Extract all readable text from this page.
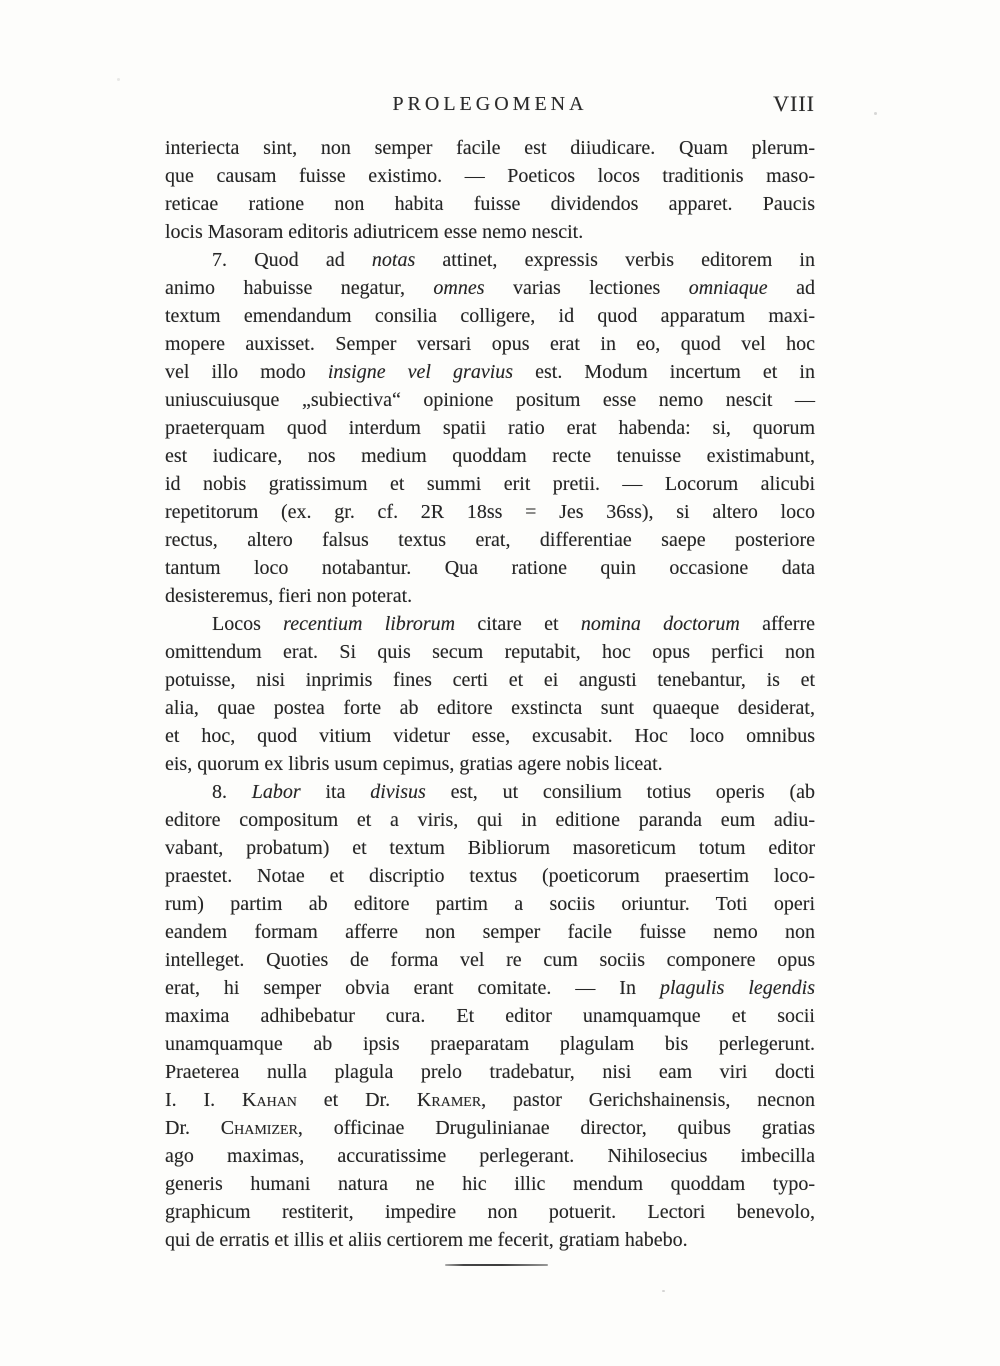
PROLEGOMENA	VIII
interiecta sint, non semper facile est diiudicare. Quam plerum-
que causam fuisse existimo. — Poeticos locos traditionis maso-
reticae ratione non habita fuisse dividendos apparet. Paucis
locis Masoram editoris adiutricem esse nemo nescit.
7. Quod ad notas attinet, expressis verbis editorem in
animo habuisse negatur, omnes varias lectiones omniaque ad
textum emendandum consilia colligere, id quod apparatum maxi-
mopere auxisset. Semper versari opus erat in eo, quod vel hoc
vel illo modo insigne vel gravius est. Modum incertum et in
uniuscuiusque „subiectiva“ opinione positum esse nemo nescit —
praeterquam quod interdum spatii ratio erat habenda: si, quorum
est iudicare, nos medium quoddam recte tenuisse existimabunt,
id nobis gratissimum et summi erit pretii. — Locorum alicubi
repetitorum (ex. gr. cf. 2R 18ss = Jes 36ss), si altero loco
rectus, altero falsus textus erat, differentiae saepe posteriore
tantum loco notabantur. Qua ratione quin occasione data
desisteremus, fieri non poterat.
Locos recentium librorum citare et nomina doctorum afferre
omittendum erat. Si quis secum reputabit, hoc opus perfici non
potuisse, nisi inprimis fines certi et ei angusti tenebantur, is et
alia, quae postea forte ab editore exstincta sunt quaeque desiderat,
et hoc, quod vitium videtur esse, excusabit. Hoc loco omnibus
eis, quorum ex libris usum cepimus, gratias agere nobis liceat.
8. Labor ita divisus est, ut consilium totius operis (ab
editore compositum et a viris, qui in editione paranda eum adiu-
vabant, probatum) et textum Bibliorum masoreticum totum editor
praestet. Notae et discriptio textus (poeticorum praesertim loco-
rum) partim ab editore partim a sociis oriuntur. Toti operi
eandem formam afferre non semper facile fuisse nemo non
intelleget. Quoties de forma vel re cum sociis componere opus
erat, hi semper obvia erant comitate. — In plagulis legendis
maxima adhibebatur cura. Et editor unamquamque et socii
unamquamque ab ipsis praeparatam plagulam bis perlegerunt.
Praeterea nulla plagula prelo tradebatur, nisi eam viri docti
I. I. Kahan et Dr. Kramer, pastor Gerichshainensis, necnon
Dr. Chamizer, officinae Drugulinianae director, quibus gratias
ago maximas, accuratissime perlegerant. Nihilosecius imbecilla
generis humani natura ne hic illic mendum quoddam typo-
graphicum restiterit, impedire non potuerit. Lectori benevolo,
qui de erratis et illis et aliis certiorem me fecerit, gratiam habebo.
